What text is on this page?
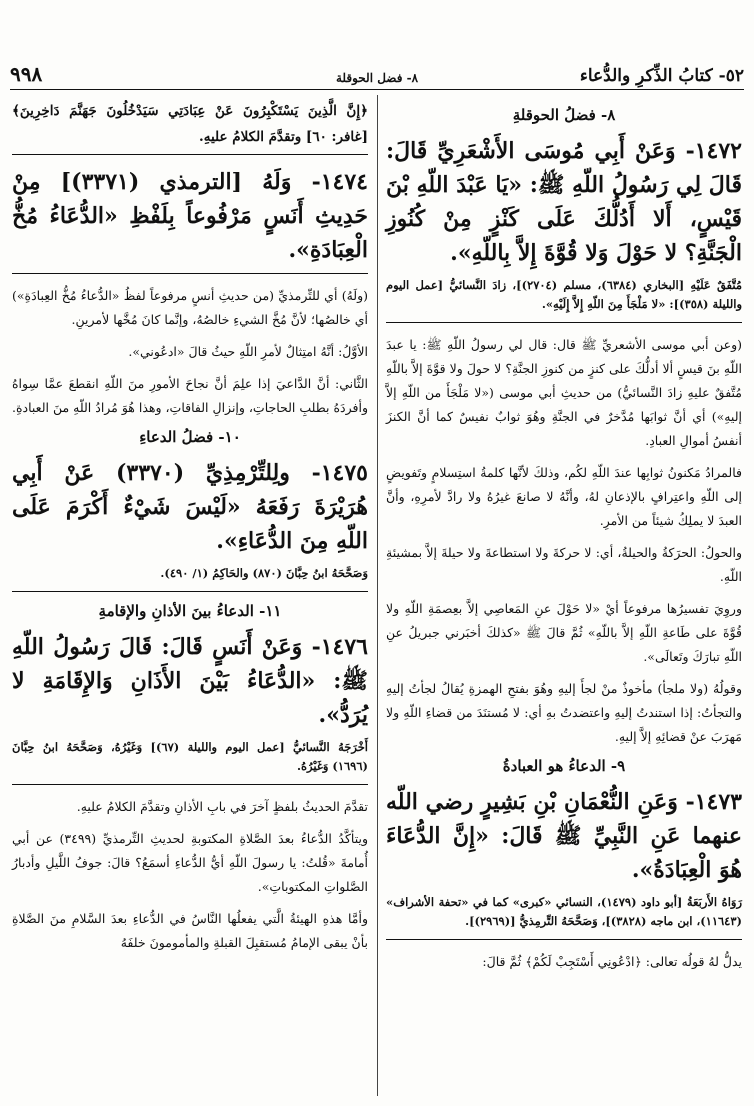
٥٢- كتابُ الذِّكرِ والدُّعاء
٨- فضل الحوقلة
٩٩٨
٨- فضلُ الحوقلةِ

١٤٧٢- وَعَنْ أَبِي مُوسَى الأَشْعَرِيِّ قَالَ: قَالَ لِي رَسُولُ اللّهِ ﷺ: «يَا عَبْدَ اللّهِ بْنَ قَيْسٍ، أَلا أَدُلُّكَ عَلَى كَنْزٍ مِنْ كُنُوزِ الْجَنَّةِ؟ لا حَوْلَ وَلا قُوَّةَ إِلاَّ بِاللّهِ».

مُتَّفَقٌ عَلَيْهِ [البخاري (٦٣٨٤)، مسلم (٢٧٠٤)]، زادَ النَّسائيُّ [عمل اليوم والليلة (٣٥٨)]: «لا مَلْجَأَ مِنَ اللّهِ إِلاَّ إِلَيْهِ».

(وعن أبي موسى الأشعريِّ ﷺ قال: قال لي رسولُ اللّهِ ﷺ: يا عبدَ اللّهِ بنَ قيسٍ ألا أدلُّكَ على كنزٍ من كنوزِ الجنَّةِ؟ لا حولَ ولا قوَّةَ إلاَّ باللّهِ مُتَّفقٌ عليهِ زادَ النَّسائيُّ) من حديثِ أبي موسى («لا مَلْجَأَ من اللّهِ إلاَّ إليهِ») أي أنَّ ثوابَها مُدَّخرٌ في الجنَّةِ وهُوَ ثوابٌ نفيسٌ كما أنَّ الكنزَ أنفسُ أموالِ العبادِ.

فالمرادُ مَكنونُ ثوابِها عندَ اللّهِ لكُم، وذلكَ لأنَّها كلمةُ استِسلامٍ وتَفويضٍ إلى اللّهِ واعتِرافٍ بالإذعانِ لهُ، وأنَّهُ لا صانعَ غيرُهُ ولا رادَّ لأمرِهِ، وأنَّ العبدَ لا يملِكُ شيئاً من الأمرِ.

والحولُ: الحرَكةُ والحيلةُ، أي: لا حركةَ ولا استطاعةَ ولا حيلةَ إلاَّ بمشيئةِ اللّهِ.

وروِيَ تفسيرُها مرفوعاً أيْ «لا حَوْلَ عنِ المَعاصِي إلاَّ بعِصمَةِ اللّهِ ولا قُوَّةَ على طَاعةِ اللّهِ إلاَّ باللّهِ» ثُمَّ قالَ ﷺ «كذلكَ أخبَرني جبريلُ عنِ اللّهِ تبارَكَ وتَعالَى».

وقولُهُ (ولا ملجأ) مأخوذٌ منْ لجأَ إليهِ وهُوَ بفتحِ الهمزةِ يُقالُ لجأتُ إليهِ والتجأتُ: إذا استندتُ إليهِ واعتضدتُ بهِ أي: لا مُستنَدَ من قضاءِ اللّهِ ولا مَهرَبَ عنْ قضائِهِ إلاَّ إليهِ.

٩- الدعاءُ هو العبادةُ

١٤٧٣- وَعَنِ النُّعْمَانِ بْنِ بَشِيرٍ رضي اللّه عنهما عَنِ النَّبِيِّ ﷺ قَالَ: «إِنَّ الدُّعَاءَ هُوَ الْعِبَادَةُ».

رَوَاهُ الأَربَعَةُ [أبو داود (١٤٧٩)، النسائي «كبرى» كما في «تحفة الأشراف» (١١٦٤٣)، ابن ماجه (٣٨٢٨)]، وَصَحَّحَهُ التِّرمِذيُّ [(٢٩٦٩)].

يدلُّ لهُ قولُه تعالى: ﴿ادْعُونِي أَسْتَجِبْ لَكُمْ﴾ ثُمَّ قالَ:

﴿إِنَّ الَّذِينَ يَسْتَكْبِرُونَ عَنْ عِبَادَتِي سَيَدْخُلُونَ جَهَنَّمَ دَاخِرِينَ﴾ [غافر: ٦٠] وتقدَّمَ الكلامُ عليهِ.

١٤٧٤- وَلَهُ [الترمذي (٣٣٧١)] مِنْ حَدِيثِ أَنَسٍ مَرْفُوعاً بِلَفْظِ «الدُّعَاءُ مُخُّ الْعِبَادَةِ».

(ولَهُ) أي للتِّرمذيِّ (من حديثِ أنسٍ مرفوعاً لفظُ «الدُّعاءُ مُخُّ العِبادَةِ») أي خالصُها؛ لأنَّ مُخَّ الشيءِ خالصُهُ، وإنَّما كانَ مُخَّها لأمرينِ.

الأوَّلُ: أنَّهُ امتِثالٌ لأمرِ اللّهِ حيثُ قالَ «ادعُوني».

الثَّاني: أنَّ الدَّاعيَ إذا علِمَ أنَّ نجاحَ الأمورِ منَ اللّهِ انقطعَ عمَّا سِواهُ وأفردَهُ بطلبِ الحاجاتِ، وإنزالِ الفاقاتِ، وهذا هُوَ مُرادُ اللّهِ منَ العبادةِ.

١٠- فضلُ الدعاءِ

١٤٧٥- ولِلتِّرْمِذِيِّ (٣٣٧٠) عَنْ أَبِي هُرَيْرَةَ رَفَعَهُ «لَيْسَ شَيْءٌ أَكْرَمَ عَلَى اللّهِ مِنَ الدُّعَاءِ».

وَصَحَّحَهُ ابنُ حِبَّانَ (٨٧٠) والحَاكِمُ (١/ ٤٩٠).

١١- الدعاءُ بينَ الأذانِ والإقامةِ

١٤٧٦- وَعَنْ أَنَسٍ قَالَ: قَالَ رَسُولُ اللّهِ ﷺ: «الدُّعَاءُ بَيْنَ الأَذَانِ وَالإِقَامَةِ لا يُرَدُّ».

أَخْرَجَهُ النَّسائيُّ [عمل اليوم والليلة (٦٧)] وَغَيْرُهُ، وَصَحَّحَهُ ابنُ حِبَّانَ (١٦٩٦) وَغَيْرُهُ.

تقدَّمَ الحديثُ بلفظٍ آخرَ في بابِ الأذانِ وتقدَّمَ الكلامُ عليهِ.

ويتأكَّدُ الدُّعاءُ بعدَ الصَّلاةِ المكتوبةِ لحديثِ التِّرمذيِّ (٣٤٩٩) عن أبي أُمامةَ «قُلتُ: يا رسولَ اللّهِ أيُّ الدُّعاءِ أسمَعُ؟ قالَ: جوفُ اللَّيلِ وأدبارُ الصَّلواتِ المكتوباتِ».

وأمَّا هذهِ الهيئةُ الَّتي يفعلُها النَّاسُ في الدُّعاءِ بعدَ السَّلامِ منَ الصَّلاةِ بأنْ يبقى الإمامُ مُستقبِلَ القبلةِ والمأمومونَ خلفَهُ
